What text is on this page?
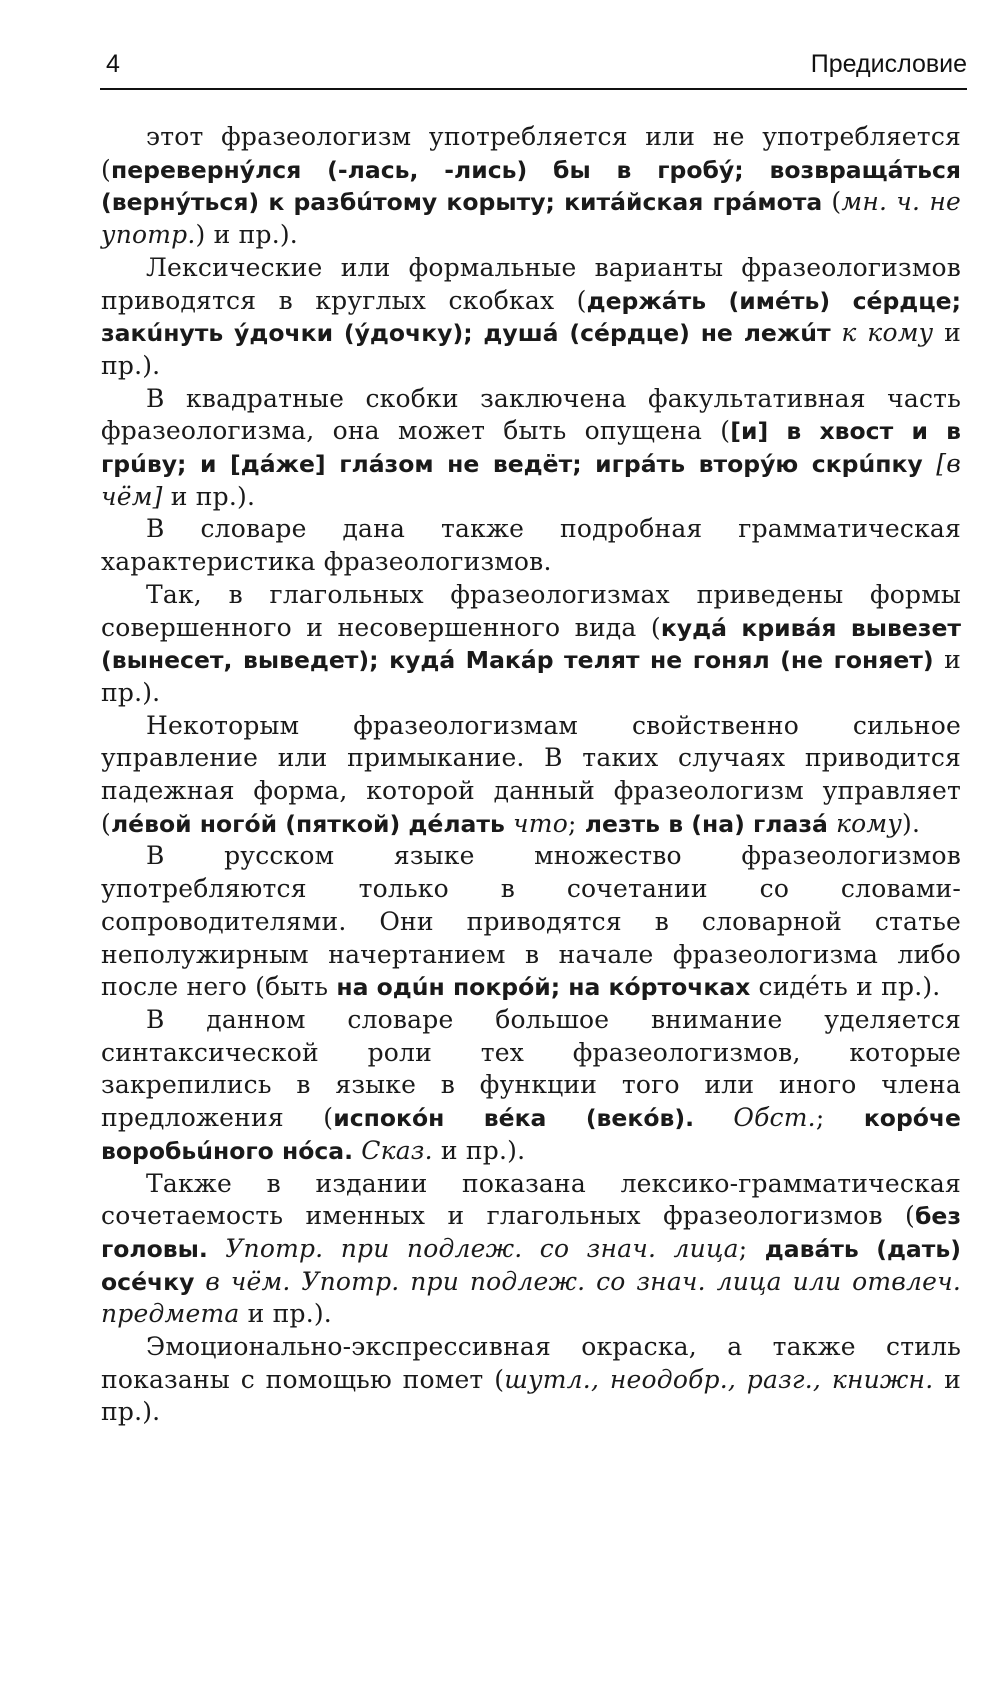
4	Предисловие

этот фразеологизм употребляется или не употребляется (перевернýлся (-лась, -лись) бы в гробý; возвращáться (вернýться) к разбúтому корыту; китáйская грáмота (мн. ч. не употр.) и пр.).

Лексические или формальные варианты фразеологизмов приводятся в круглых скобках (держáть (имéть) сéрдце; закúнуть ýдочки (ýдочку); душá (сéрдце) не лежúт к кому и пр.).

В квадратные скобки заключена факультативная часть фразеологизма, она может быть опущена ([и] в хвост и в грúву; и [дáже] глáзом не ведёт; игрáть вторýю скрúпку [в чём] и пр.).

В словаре дана также подробная грамматическая характеристика фразеологизмов.

Так, в глагольных фразеологизмах приведены формы совершенного и несовершенного вида (кудá кривáя вывезет (вынесет, выведет); кудá Макáр телят не гонял (не гоняет) и пр.).

Некоторым фразеологизмам свойственно сильное управление или примыкание. В таких случаях приводится падежная форма, которой данный фразеологизм управляет (лéвой ногóй (пяткой) дéлать что; лезть в (на) глазá кому).

В русском языке множество фразеологизмов употребляются только в сочетании со словами-сопроводителями. Они приводятся в словарной статье неполужирным начертанием в начале фразеологизма либо после него (быть на одúн покрóй; на кóрточках сидéть и пр.).

В данном словаре большое внимание уделяется синтаксической роли тех фразеологизмов, которые закрепились в языке в функции того или иного члена предложения (испокóн вéка (векóв). Обст.; корóче воробьúного нóса. Сказ. и пр.).

Также в издании показана лексико-грамматическая сочетаемость именных и глагольных фразеологизмов (без головы. Употр. при подлеж. со знач. лица; давáть (дать) осéчку в чём. Употр. при подлеж. со знач. лица или отвлеч. предмета и пр.).

Эмоционально-экспрессивная окраска, а также стиль показаны с помощью помет (шутл., неодобр., разг., книжн. и пр.).
